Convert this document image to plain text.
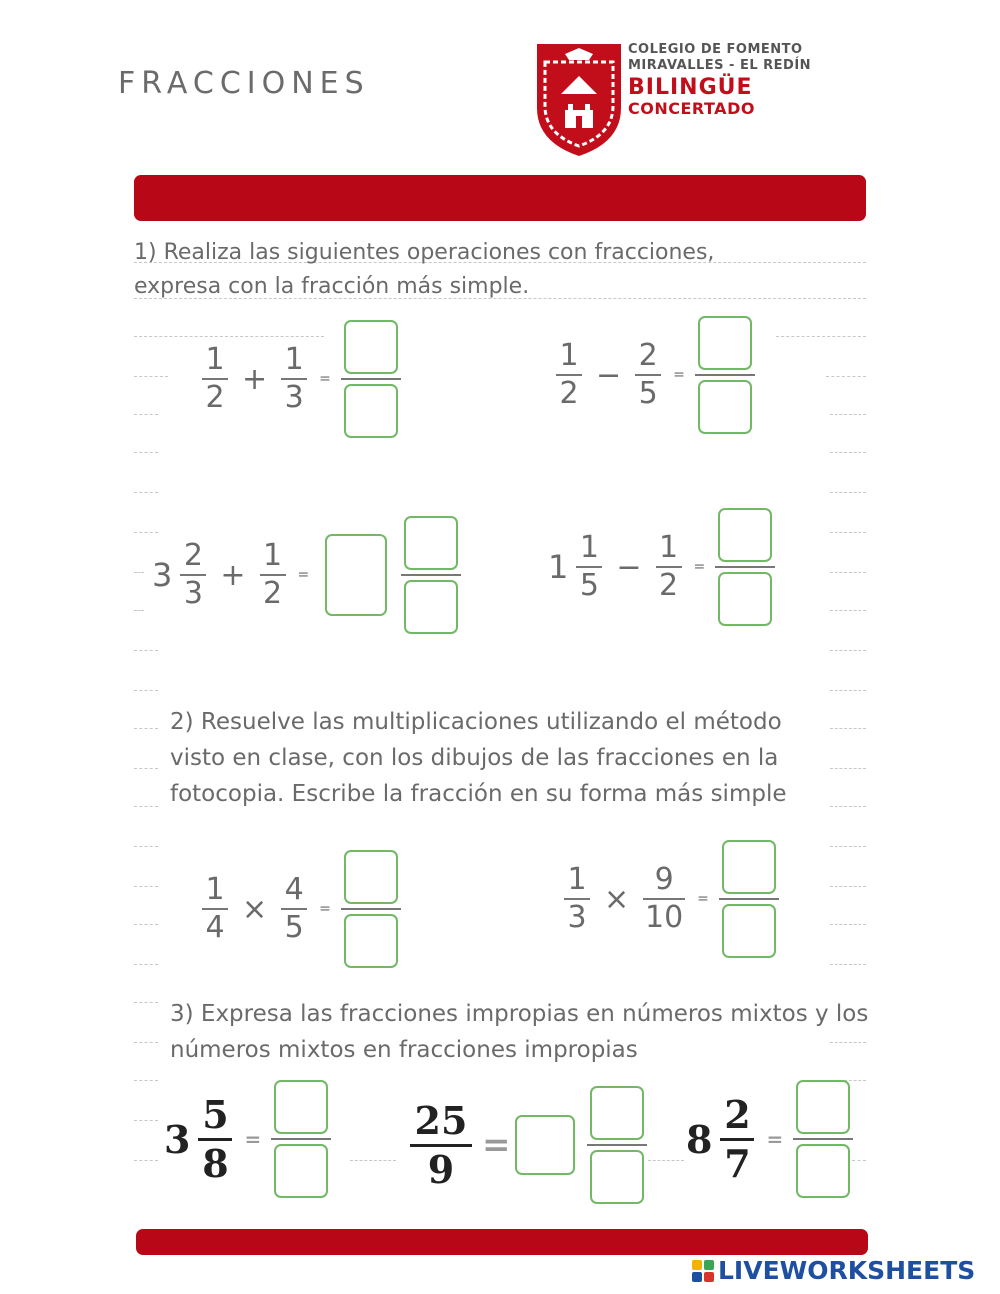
FRACCIONES
COLEGIO DE FOMENTO
MIRAVALLES - EL REDÍN
BILINGÜE
CONCERTADO
1) Realiza las siguientes operaciones con fracciones, expresa con la fracción más simple.
$\frac{1}{2} + \frac{1}{3}$ =	$\frac{1}{2} - \frac{2}{5}$ =
$3 \frac{2}{3} + \frac{1}{2}$ =	$1 \frac{1}{5} - \frac{1}{2}$ =
2) Resuelve las multiplicaciones utilizando el método visto en clase, con los dibujos de las fracciones en la fotocopia. Escribe la fracción en su forma más simple
$\frac{1}{4} \times \frac{4}{5}$ =	$\frac{1}{3} \times \frac{9}{10}$ =
3) Expresa las fracciones impropias en números mixtos y los números mixtos en fracciones impropias
$3 \frac{5}{8}$ =	$\frac{25}{9}$ =	$8 \frac{2}{7}$ =
LIVEWORKSHEETS
